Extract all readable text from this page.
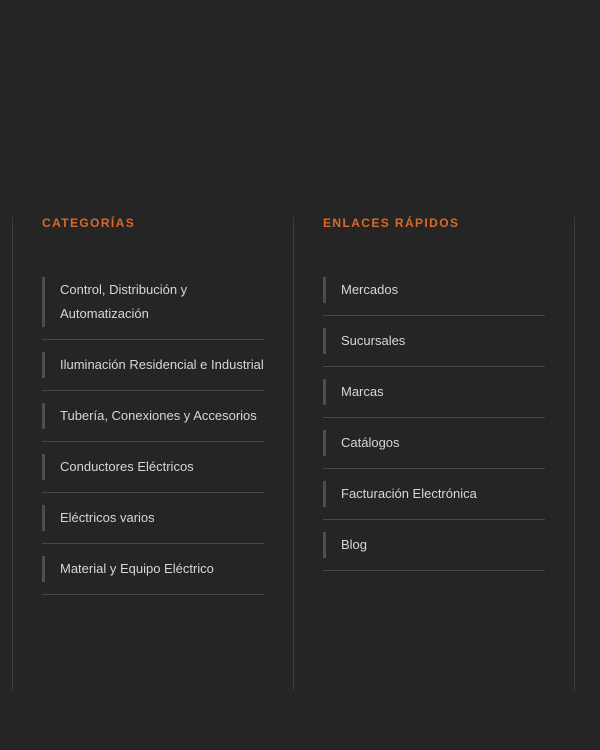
CATEGORÍAS
Control, Distribución y Automatización
Iluminación Residencial e Industrial
Tubería, Conexiones y Accesorios
Conductores Eléctricos
Eléctricos varios
Material y Equipo Eléctrico
ENLACES RÁPIDOS
Mercados
Sucursales
Marcas
Catálogos
Facturación Electrónica
Blog
